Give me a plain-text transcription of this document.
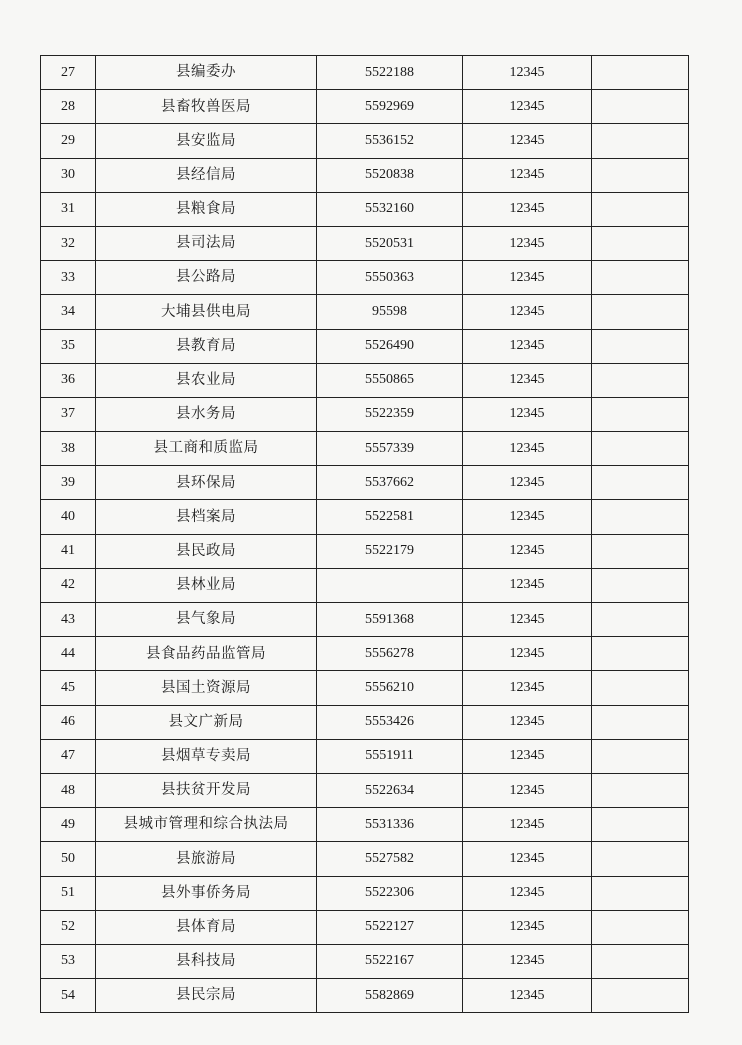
27	县编委办	5522188	12345	
28	县畜牧兽医局	5592969	12345	
29	县安监局	5536152	12345	
30	县经信局	5520838	12345	
31	县粮食局	5532160	12345	
32	县司法局	5520531	12345	
33	县公路局	5550363	12345	
34	大埔县供电局	95598	12345	
35	县教育局	5526490	12345	
36	县农业局	5550865	12345	
37	县水务局	5522359	12345	
38	县工商和质监局	5557339	12345	
39	县环保局	5537662	12345	
40	县档案局	5522581	12345	
41	县民政局	5522179	12345	
42	县林业局		12345	
43	县气象局	5591368	12345	
44	县食品药品监管局	5556278	12345	
45	县国土资源局	5556210	12345	
46	县文广新局	5553426	12345	
47	县烟草专卖局	5551911	12345	
48	县扶贫开发局	5522634	12345	
49	县城市管理和综合执法局	5531336	12345	
50	县旅游局	5527582	12345	
51	县外事侨务局	5522306	12345	
52	县体育局	5522127	12345	
53	县科技局	5522167	12345	
54	县民宗局	5582869	12345	
